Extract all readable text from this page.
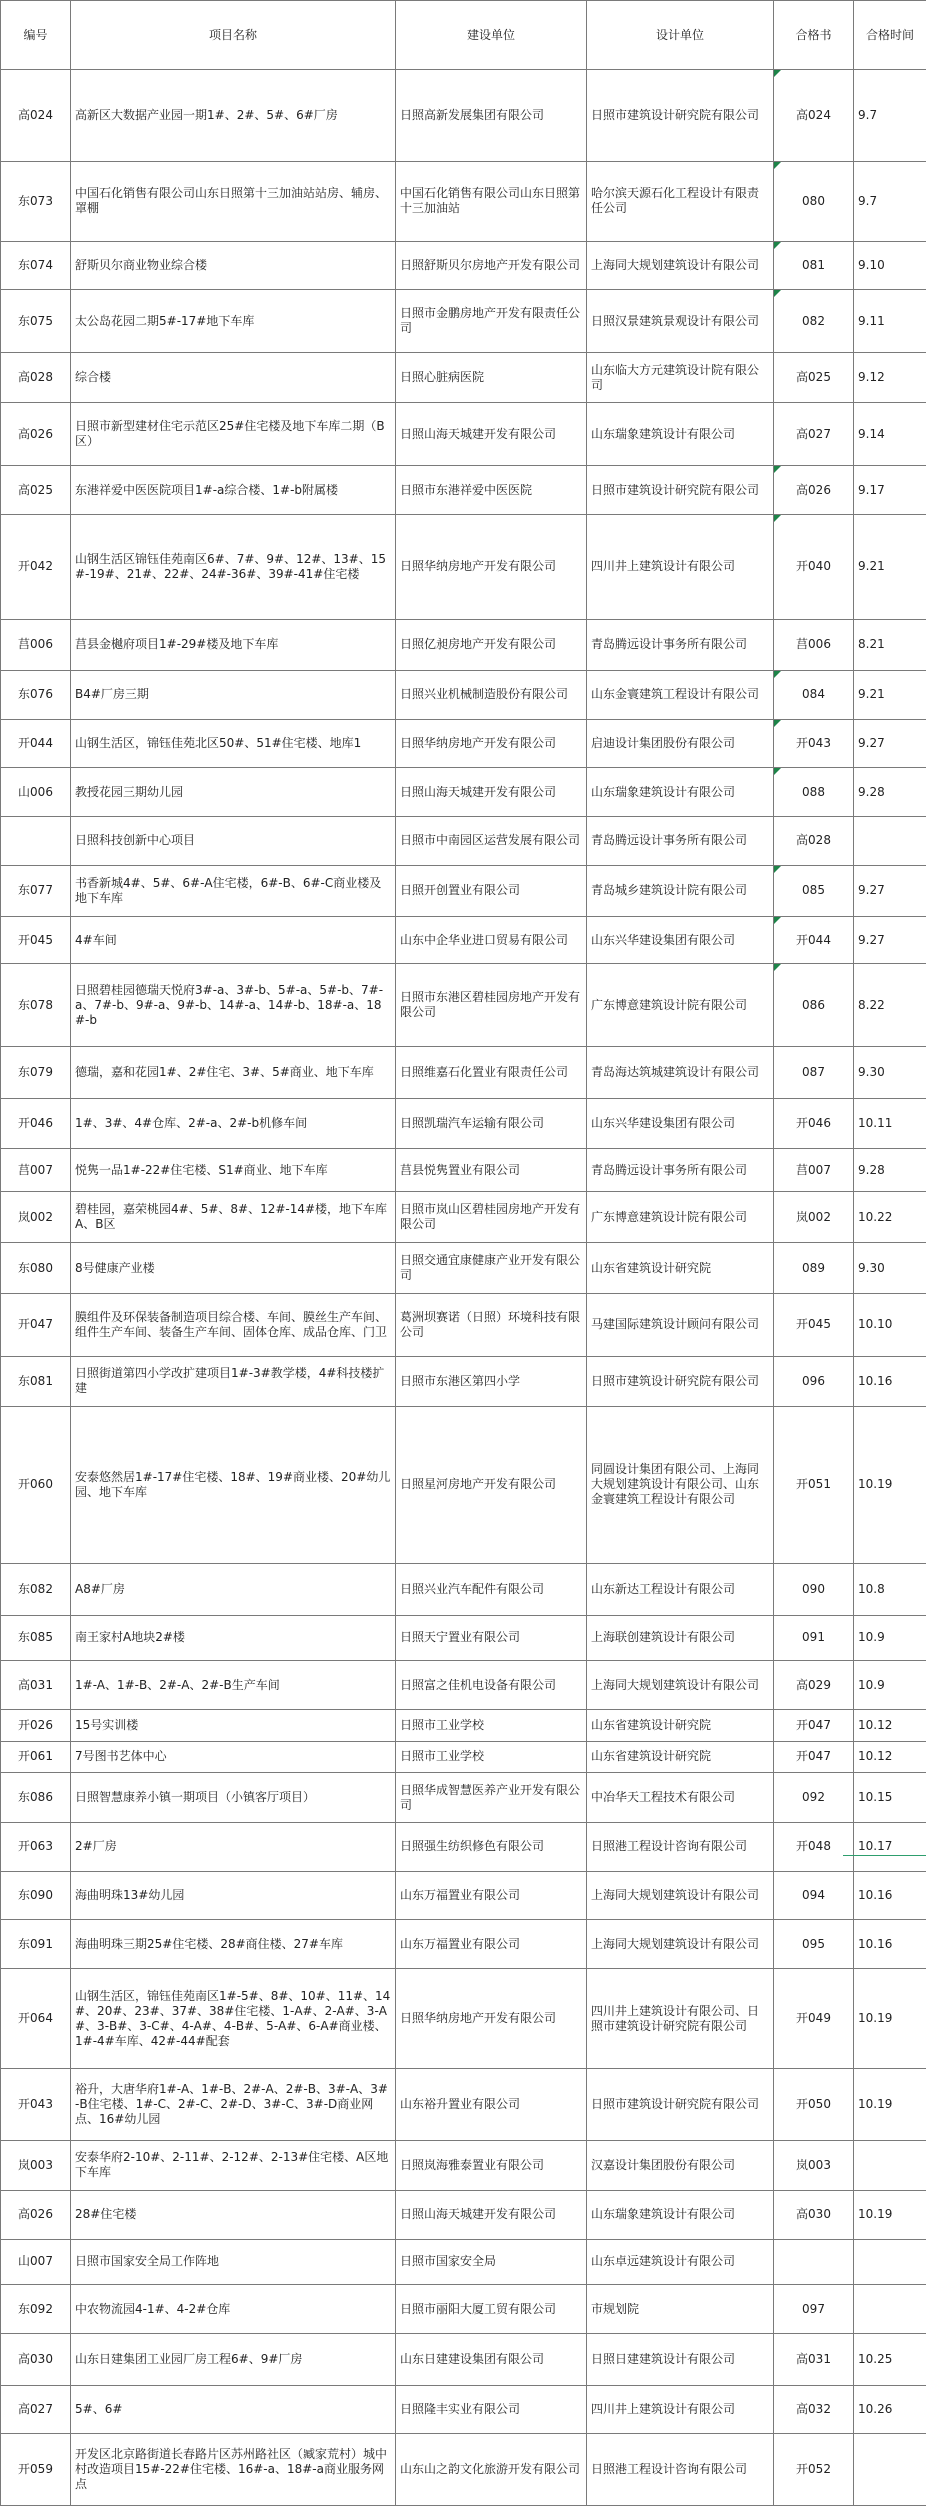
编号	项目名称	建设单位	设计单位	合格书	合格时间
高024	高新区大数据产业园一期1#、2#、5#、6#厂房	日照高新发展集团有限公司	日照市建筑设计研究院有限公司	高024	9.7
东073	中国石化销售有限公司山东日照第十三加油站站房、辅房、罩棚	中国石化销售有限公司山东日照第十三加油站	哈尔滨天源石化工程设计有限责任公司	080	9.7
东074	舒斯贝尔商业物业综合楼	日照舒斯贝尔房地产开发有限公司	上海同大规划建筑设计有限公司	081	9.10
东075	太公岛花园二期5#-17#地下车库	日照市金鹏房地产开发有限责任公司	日照汉景建筑景观设计有限公司	082	9.11
高028	综合楼	日照心脏病医院	山东临大方元建筑设计院有限公司	高025	9.12
高026	日照市新型建材住宅示范区25#住宅楼及地下车库二期（B区）	日照山海天城建开发有限公司	山东瑞象建筑设计有限公司	高027	9.14
高025	东港祥爱中医医院项目1#-a综合楼、1#-b附属楼	日照市东港祥爱中医医院	日照市建筑设计研究院有限公司	高026	9.17
开042	山钢生活区锦钰佳苑南区6#、7#、9#、12#、13#、15#-19#、21#、22#、24#-36#、39#-41#住宅楼	日照华纳房地产开发有限公司	四川井上建筑设计有限公司	开040	9.21
莒006	莒县金樾府项目1#-29#楼及地下车库	日照亿昶房地产开发有限公司	青岛腾远设计事务所有限公司	莒006	8.21
东076	B4#厂房三期	日照兴业机械制造股份有限公司	山东金寰建筑工程设计有限公司	084	9.21
开044	山钢生活区，锦钰佳苑北区50#、51#住宅楼、地库1	日照华纳房地产开发有限公司	启迪设计集团股份有限公司	开043	9.27
山006	教授花园三期幼儿园	日照山海天城建开发有限公司	山东瑞象建筑设计有限公司	088	9.28
	日照科技创新中心项目	日照市中南园区运营发展有限公司	青岛腾远设计事务所有限公司	高028	
东077	书香新城4#、5#、6#-A住宅楼，6#-B、6#-C商业楼及地下车库	日照开创置业有限公司	青岛城乡建筑设计院有限公司	085	9.27
开045	4#车间	山东中企华业进口贸易有限公司	山东兴华建设集团有限公司	开044	9.27
东078	日照碧桂园德瑞天悦府3#-a、3#-b、5#-a、5#-b、7#-a、7#-b、9#-a、9#-b、14#-a、14#-b、18#-a、18#-b	日照市东港区碧桂园房地产开发有限公司	广东博意建筑设计院有限公司	086	8.22
东079	德瑞，嘉和花园1#、2#住宅、3#、5#商业、地下车库	日照维嘉石化置业有限责任公司	青岛海达筑城建筑设计有限公司	087	9.30
开046	1#、3#、4#仓库、2#-a、2#-b机修车间	日照凯瑞汽车运输有限公司	山东兴华建设集团有限公司	开046	10.11
莒007	悦隽一品1#-22#住宅楼、S1#商业、地下车库	莒县悦隽置业有限公司	青岛腾远设计事务所有限公司	莒007	9.28
岚002	碧桂园，嘉荣桃园4#、5#、8#、12#-14#楼，地下车库A、B区	日照市岚山区碧桂园房地产开发有限公司	广东博意建筑设计院有限公司	岚002	10.22
东080	8号健康产业楼	日照交通宜康健康产业开发有限公司	山东省建筑设计研究院	089	9.30
开047	膜组件及环保装备制造项目综合楼、车间、膜丝生产车间、组件生产车间、装备生产车间、固体仓库、成品仓库、门卫	葛洲坝赛诺（日照）环境科技有限公司	马建国际建筑设计顾问有限公司	开045	10.10
东081	日照街道第四小学改扩建项目1#-3#教学楼，4#科技楼扩建	日照市东港区第四小学	日照市建筑设计研究院有限公司	096	10.16
开060	安泰悠然居1#-17#住宅楼、18#、19#商业楼、20#幼儿园、地下车库	日照星河房地产开发有限公司	同圆设计集团有限公司、上海同大规划建筑设计有限公司、山东金寰建筑工程设计有限公司	开051	10.19
东082	A8#厂房	日照兴业汽车配件有限公司	山东新达工程设计有限公司	090	10.8
东085	南王家村A地块2#楼	日照天宁置业有限公司	上海联创建筑设计有限公司	091	10.9
高031	1#-A、1#-B、2#-A、2#-B生产车间	日照富之佳机电设备有限公司	上海同大规划建筑设计有限公司	高029	10.9
开026	15号实训楼	日照市工业学校	山东省建筑设计研究院	开047	10.12
开061	7号图书艺体中心	日照市工业学校	山东省建筑设计研究院	开047	10.12
东086	日照智慧康养小镇一期项目（小镇客厅项目）	日照华成智慧医养产业开发有限公司	中冶华天工程技术有限公司	092	10.15
开063	2#厂房	日照强生纺织修色有限公司	日照港工程设计咨询有限公司	开048	10.17
东090	海曲明珠13#幼儿园	山东万福置业有限公司	上海同大规划建筑设计有限公司	094	10.16
东091	海曲明珠三期25#住宅楼、28#商住楼、27#车库	山东万福置业有限公司	上海同大规划建筑设计有限公司	095	10.16
开064	山钢生活区，锦钰佳苑南区1#-5#、8#、10#、11#、14#、20#、23#、37#、38#住宅楼、1-A#、2-A#、3-A#、3-B#、3-C#、4-A#、4-B#、5-A#、6-A#商业楼、1#-4#车库、42#-44#配套	日照华纳房地产开发有限公司	四川井上建筑设计有限公司、日照市建筑设计研究院有限公司	开049	10.19
开043	裕升，大唐华府1#-A、1#-B、2#-A、2#-B、3#-A、3#-B住宅楼、1#-C、2#-C、2#-D、3#-C、3#-D商业网点、16#幼儿园	山东裕升置业有限公司	日照市建筑设计研究院有限公司	开050	10.19
岚003	安泰华府2-10#、2-11#、2-12#、2-13#住宅楼、A区地下车库	日照岚海雅泰置业有限公司	汉嘉设计集团股份有限公司	岚003	
高026	28#住宅楼	日照山海天城建开发有限公司	山东瑞象建筑设计有限公司	高030	10.19
山007	日照市国家安全局工作阵地	日照市国家安全局	山东卓远建筑设计有限公司		
东092	中农物流园4-1#、4-2#仓库	日照市丽阳大厦工贸有限公司	市规划院	097	
高030	山东日建集团工业园厂房工程6#、9#厂房	山东日建建设集团有限公司	日照日建建筑设计有限公司	高031	10.25
高027	5#、6#	日照隆丰实业有限公司	四川井上建筑设计有限公司	高032	10.26
开059	开发区北京路街道长春路片区苏州路社区（臧家荒村）城中村改造项目15#-22#住宅楼、16#-a、18#-a商业服务网点	山东山之韵文化旅游开发有限公司	日照港工程设计咨询有限公司	开052	
